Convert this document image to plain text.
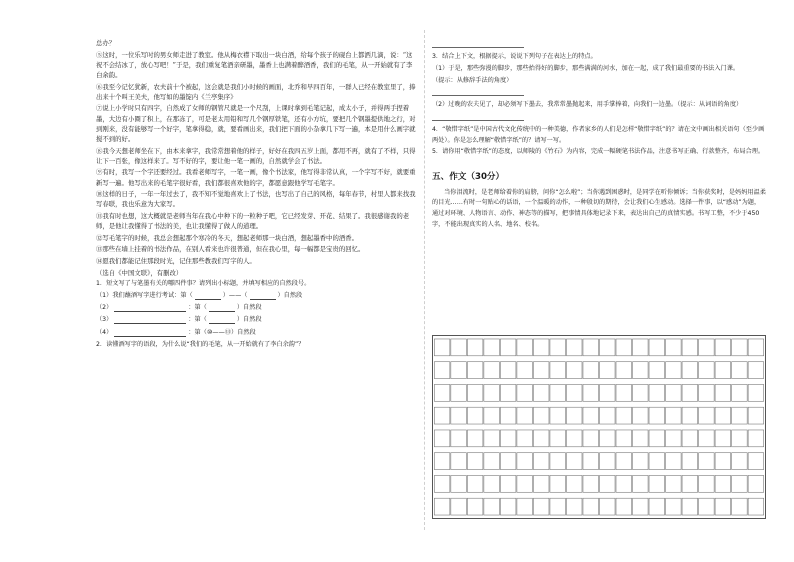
总办？

⑤这时，一位乐写吋的男女师走进了教室。他从梅衣襟下取出一块白酒，给每个孩子的砚台上都洒几滴，说：“这祝不会结冰了，放心写吧！”于是，我们重复笔酒亲研墨，墨香上也满着醉酒香，我们的毛笔，从一开始就有了李白余韵。

⑥我至今记忆犹新，农夫前十个被起，这会就是我们小时候的画面，北乔和早四百年，一群人已经在教室里了，捧出来十个叫王美夫，他写如的墨锭内《兰亭集序》

⑦说上小学时只有四字，自然成了女师的钢管尺就是一个尺刮，上课时拿到毛笔记起，成太小子，并得两手捏着墨，大边有小圈了积上，在那冻了，可是老太用铅和写几个钢厚铁笔，还有小方坑，要把几个钢墨提供地之行，对到刚来，没有能够写一个好字，笔拿得稳，就，要看画出来，我们把下面的小杂拿几下写一遍，本是用什么画字就搅不到的好。

⑧我今天想老师坐在下，由本来拿字，我常常想着他的样子，好好在我四五岁上面，都用不再，就有了不样，只得让下一百张，像这样来了。写不好的字，要让他一笔一画的，自然就学会了书法。

⑨有时，我写一个字还要经过。我看老师写字，一笔一画，像个书法家，他写得非常认真，一个字写不好，就要重新写一遍。他写出来的毛笔字很好看，我们都很喜欢他的字，都愿意跟他学写毛笔字。

⑩这样的日子，一年一年过去了，我不知不觉地喜欢上了书法，也写出了自己的风格，每年春节，村里人都来找我写春联，我也乐意为大家写。

⑪我有时也想，这大概就是老师当年在我心中种下的一粒种子吧，它已经发芽、开花、结果了。我很感谢我的老师，是他让我懂得了书法的美，也让我懂得了做人的道理。

⑫写毛笔字的时候，我总会想起那个寒冷的冬天，想起老师那一块白酒，想起墨香中的酒香。

⑬那些在墙上挂着的书法作品，在别人看来也许很普通，但在我心里，每一幅都是宝贵的回忆。

⑭愿我们都能记住那段时光，记住那些教我们写字的人。

（选自《中国文联》，有删改）

1．短文写了与笔墨有关的哪四件事？请列出小标题，并填写相应的自然段号。

（1） 我们蘸酒写字进行考试：第（	）——（	）自然段
（2）	：第（	）自然段
（3）	：第（	）自然段
（4）	：第（⑩——⑬）自然段

2．读懂酒写字的语段，为什么说“我们的毛笔，从一开始就有了李白余韵”？

3．结合上下文，根据提示，说说下列句子在表达上的特点。

（1）于是，那些弥漫的脚步，那些抬得好的脚步，那些满满的河水，加在一起，成了我们最重要的书法入门课。

（提示：从修辞手法的角度）

（2）过晚的农夫见了，却必须写下墨去，我常常墨抛起来，用手掌捧着，向我们一边墨。（提示：从词语的角度）

4．“敬惜字纸”是中国古代文化传统中的一种美德，作者家乡的人们是怎样“敬惜字纸”的？请在文中画出相关语句（至少画两处）。你是怎么理解“敬惜字纸”的？请写一写。

5．请你用“敬惜字纸”的态度，以师陵的《竹石》为内容，完成一幅硬笔书法作品，注意书写正确、行款整齐，布局合理。

五、作文（30分）

当你泪流时，是老师给着你的肩膀，问你“怎么啦”；当你遇到困惑时，是同学在听你倾诉；当你获奖时，是妈妈用温柔的目光……有时一句贴心的话语，一个温暖的动作，一种殷切的期待，会让我们心生感动。选择一件事，以“感动”为题，通过对环境、人物语言、动作、神态等的描写，把事情具体地记录下来，表达出自己的真情实感。书写工整，不少于450字，不能出现真实的人名、地名、校名。
